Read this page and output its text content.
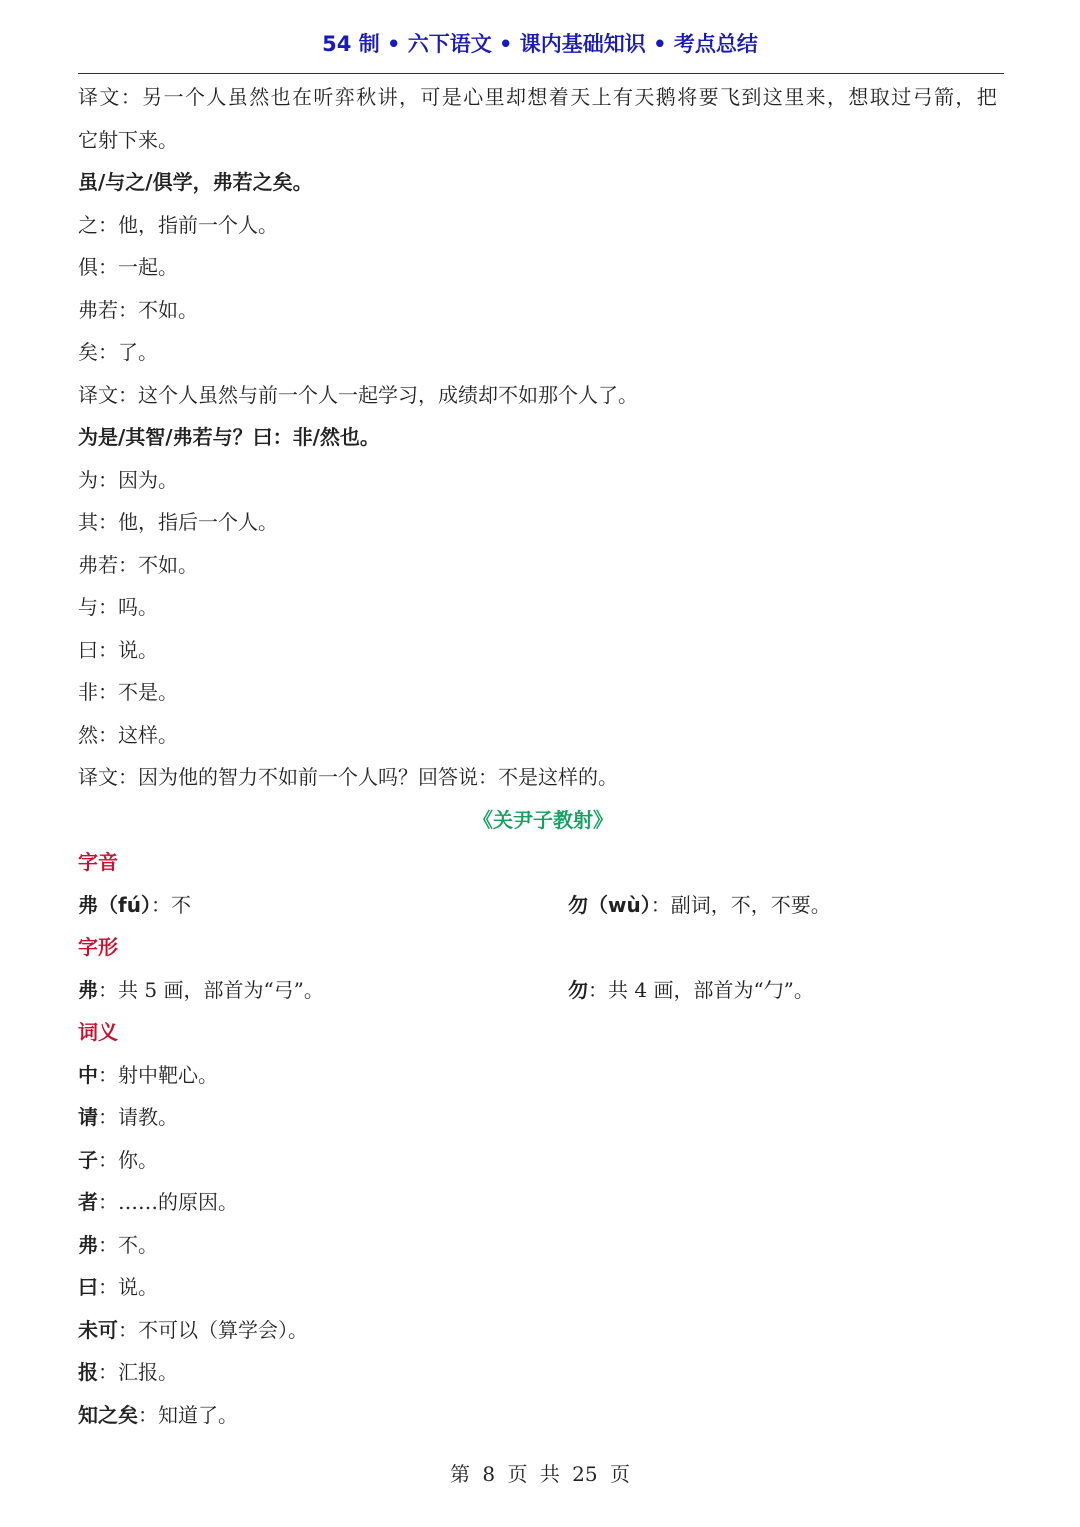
54 制 • 六下语文 • 课内基础知识 • 考点总结
译文：另一个人虽然也在听弈秋讲，可是心里却想着天上有天鹅将要飞到这里来，想取过弓箭，把
它射下来。
虽/与之/俱学，弗若之矣。
之：他，指前一个人。
俱：一起。
弗若：不如。
矣：了。
译文：这个人虽然与前一个人一起学习，成绩却不如那个人了。
为是/其智/弗若与？曰：非/然也。
为：因为。
其：他，指后一个人。
弗若：不如。
与：吗。
曰：说。
非：不是。
然：这样。
译文：因为他的智力不如前一个人吗？回答说：不是这样的。
《关尹子教射》
字音
弗（fú）：不	勿（wù）：副词，不，不要。
字形
弗：共 5 画，部首为“弓”。	勿：共 4 画，部首为“勹”。
词义
中：射中靶心。
请：请教。
子：你。
者：……的原因。
弗：不。
曰：说。
未可：不可以（算学会）。
报：汇报。
知之矣：知道了。
第 8 页 共 25 页
